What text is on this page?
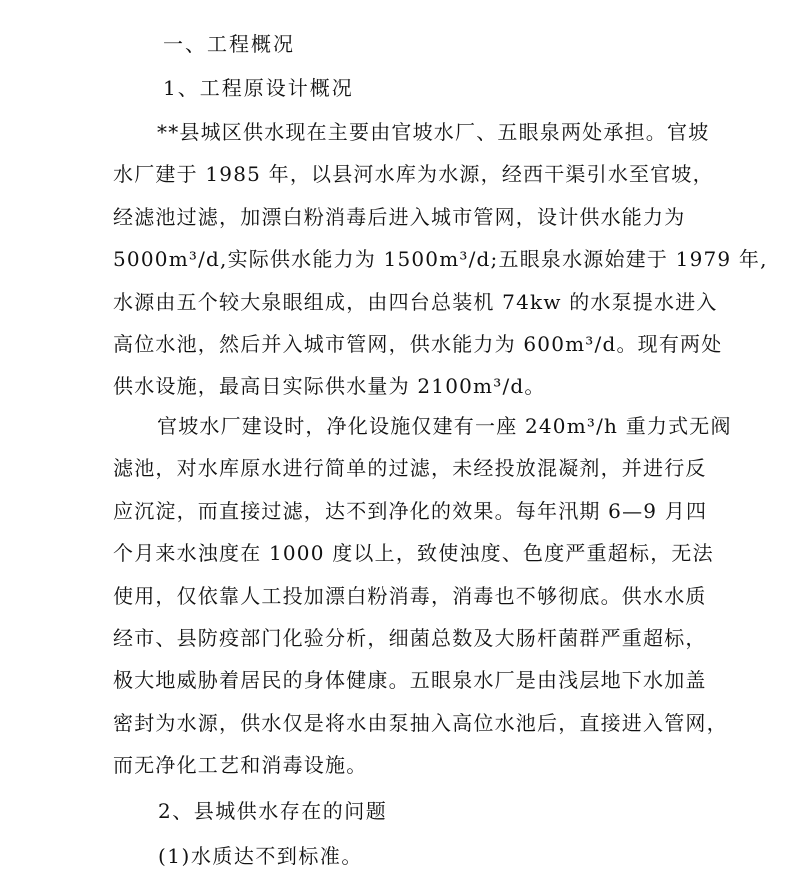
一、工程概况
1、工程原设计概况
**县城区供水现在主要由官坡水厂、五眼泉两处承担。官坡
水厂建于 1985 年，以县河水库为水源，经西干渠引水至官坡，
经滤池过滤，加漂白粉消毒后进入城市管网，设计供水能力为
5000m³/d,实际供水能力为 1500m³/d;五眼泉水源始建于 1979 年,
水源由五个较大泉眼组成，由四台总装机 74kw 的水泵提水进入
高位水池，然后并入城市管网，供水能力为 600m³/d。现有两处
供水设施，最高日实际供水量为 2100m³/d。
官坡水厂建设时，净化设施仅建有一座 240m³/h 重力式无阀
滤池，对水库原水进行简单的过滤，未经投放混凝剂，并进行反
应沉淀，而直接过滤，达不到净化的效果。每年汛期 6—9 月四
个月来水浊度在 1000 度以上，致使浊度、色度严重超标，无法
使用，仅依靠人工投加漂白粉消毒，消毒也不够彻底。供水水质
经市、县防疫部门化验分析，细菌总数及大肠杆菌群严重超标，
极大地威胁着居民的身体健康。五眼泉水厂是由浅层地下水加盖
密封为水源，供水仅是将水由泵抽入高位水池后，直接进入管网，
而无净化工艺和消毒设施。
2、县城供水存在的问题
(1)水质达不到标准。
